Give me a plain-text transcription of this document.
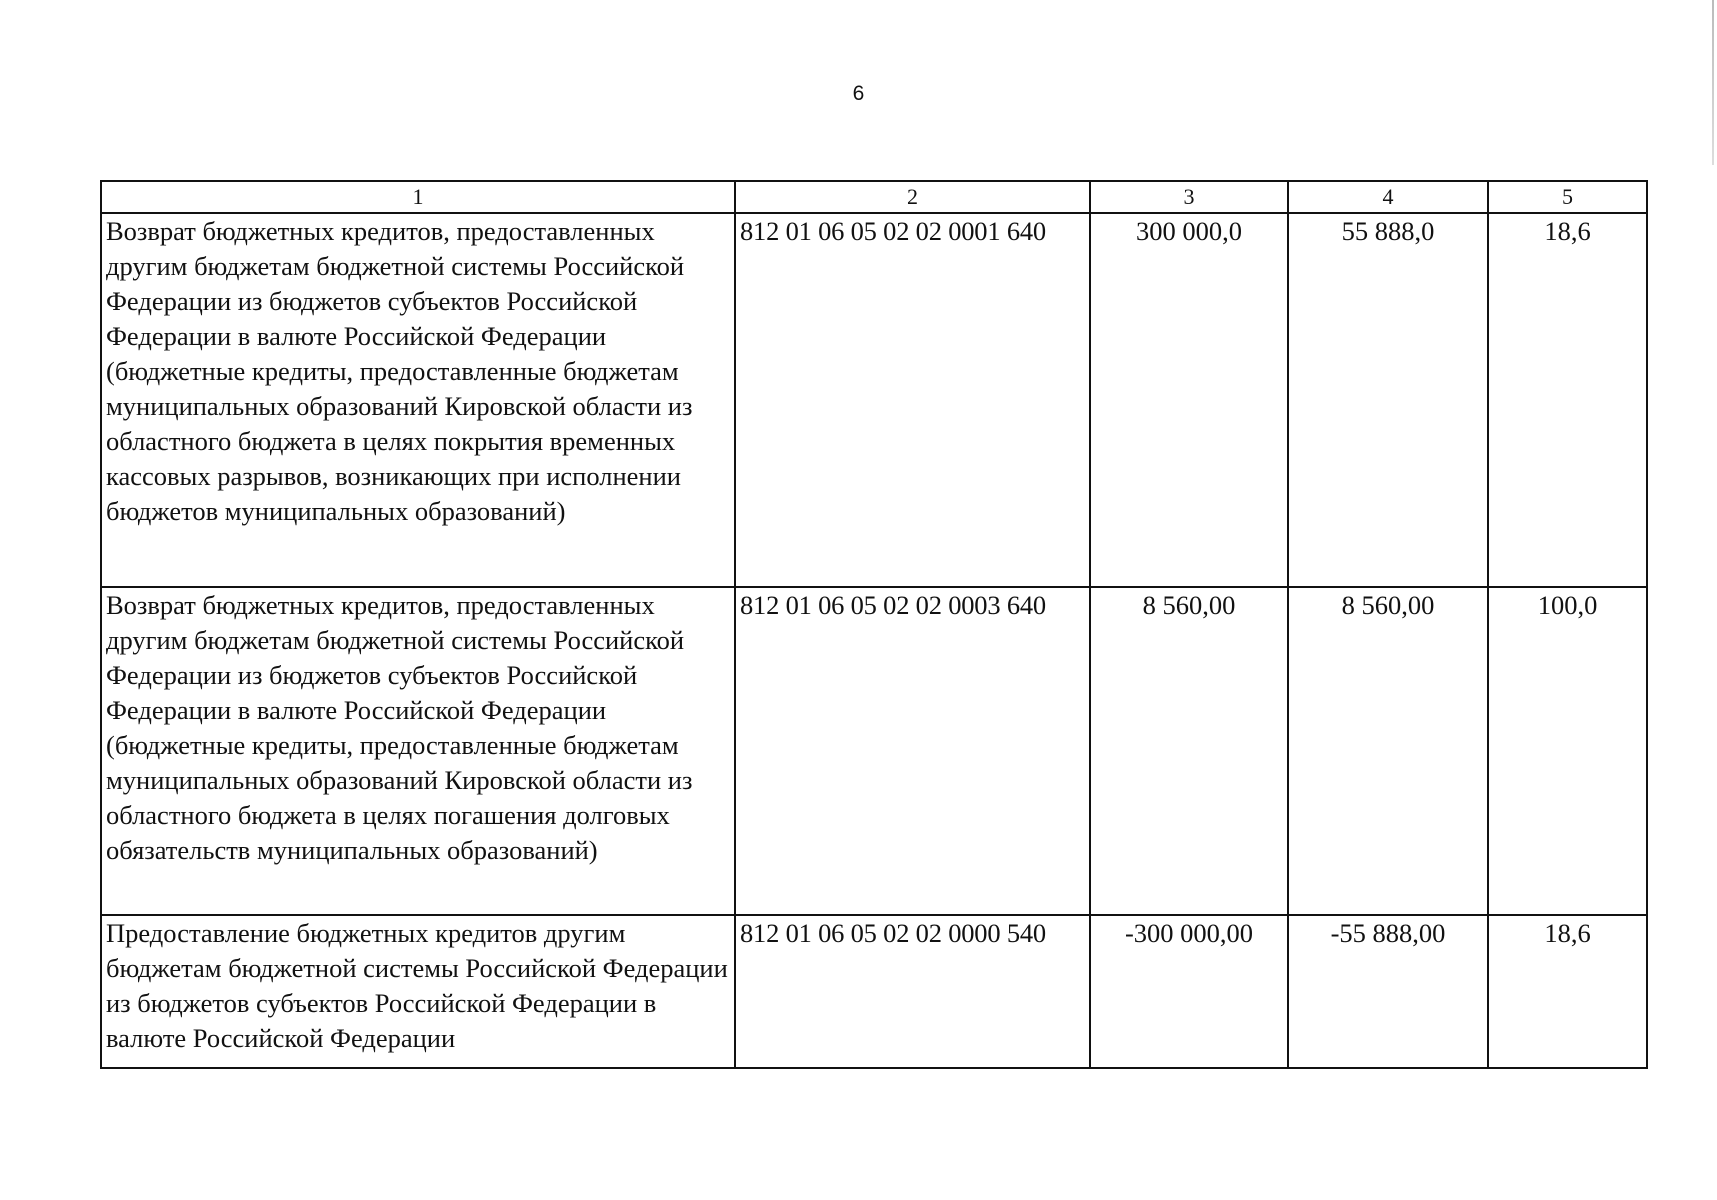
6
1	2	3	4	5
Возврат бюджетных кредитов, предоставленных другим бюджетам бюджетной системы Российской Федерации из бюджетов субъектов Российской Федерации в валюте Российской Федерации (бюджетные кредиты, предоставленные бюджетам муниципальных образований Кировской области из областного бюджета в целях покрытия временных кассовых разрывов, возникающих при исполнении бюджетов муниципальных образований)	812 01 06 05 02 02 0001 640	300 000,0	55 888,0	18,6
Возврат бюджетных кредитов, предоставленных другим бюджетам бюджетной системы Российской Федерации из бюджетов субъектов Российской Федерации в валюте Российской Федерации (бюджетные кредиты, предоставленные бюджетам муниципальных образований Кировской области из областного бюджета в целях погашения долговых обязательств муниципальных образований)	812 01 06 05 02 02 0003 640	8 560,00	8 560,00	100,0
Предоставление бюджетных кредитов другим бюджетам бюджетной системы Российской Федерации из бюджетов субъектов Российской Федерации в валюте Российской Федерации	812 01 06 05 02 02 0000 540	-300 000,00	-55 888,00	18,6
